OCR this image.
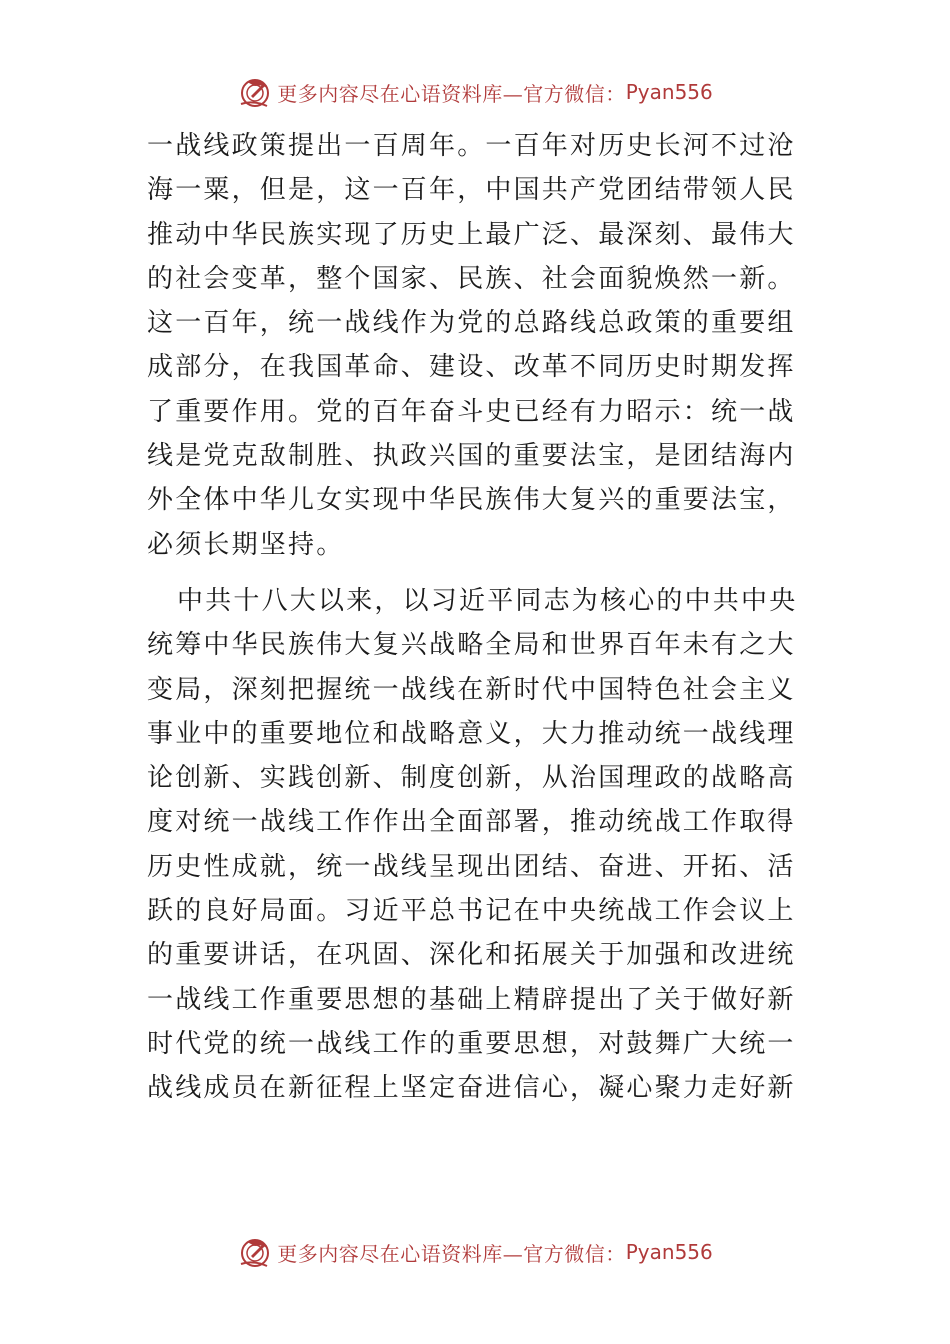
更多内容尽在心语资料库—官方微信： Pyan556
一战线政策提出一百周年。一百年对历史长河不过沧
海一粟，但是，这一百年，中国共产党团结带领人民
推动中华民族实现了历史上最广泛、最深刻、最伟大
的社会变革，整个国家、民族、社会面貌焕然一新。
这一百年，统一战线作为党的总路线总政策的重要组
成部分，在我国革命、建设、改革不同历史时期发挥
了重要作用。党的百年奋斗史已经有力昭示：统一战
线是党克敌制胜、执政兴国的重要法宝，是团结海内
外全体中华儿女实现中华民族伟大复兴的重要法宝，
必须长期坚持。
中共十八大以来，以习近平同志为核心的中共中央
统筹中华民族伟大复兴战略全局和世界百年未有之大
变局，深刻把握统一战线在新时代中国特色社会主义
事业中的重要地位和战略意义，大力推动统一战线理
论创新、实践创新、制度创新，从治国理政的战略高
度对统一战线工作作出全面部署，推动统战工作取得
历史性成就，统一战线呈现出团结、奋进、开拓、活
跃的良好局面。习近平总书记在中央统战工作会议上
的重要讲话，在巩固、深化和拓展关于加强和改进统
一战线工作重要思想的基础上精辟提出了关于做好新
时代党的统一战线工作的重要思想，对鼓舞广大统一
战线成员在新征程上坚定奋进信心，凝心聚力走好新
更多内容尽在心语资料库—官方微信： Pyan556
